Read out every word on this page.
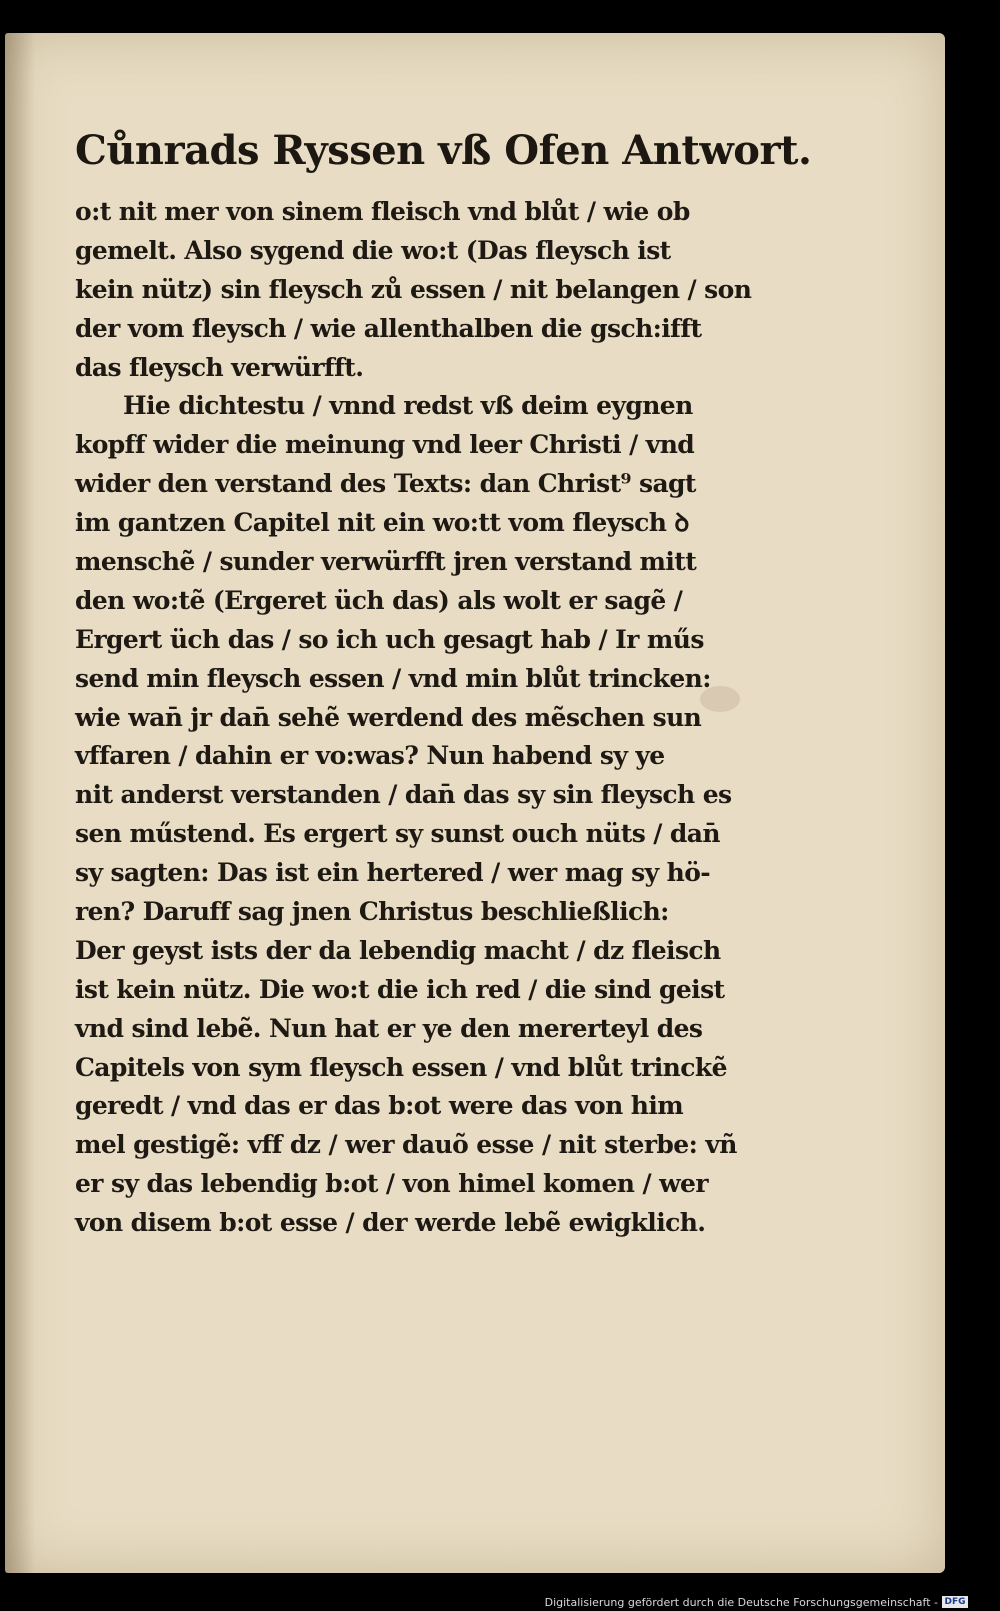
Cůnrads Ryssen vß Ofen Antwort.
o:t nit mer von sinem fleisch vnd blůt / wie ob
gemelt. Also sygend die wo:t (Das fleysch ist
kein nütz) sin fleysch zů essen / nit belangen / son
der vom fleysch / wie allenthalben die gsch:ifft
das fleysch verwürfft.
Hie dichtestu / vnnd redst vß deim eygnen
kopff wider die meinung vnd leer Christi / vnd
wider den verstand des Texts: dan Christ⁹ sagt
im gantzen Capitel nit ein wo:tt vom fleysch ꝺ
menschẽ / sunder verwürfft jren verstand mitt
den wo:tẽ (Ergeret üch das) als wolt er sagẽ /
Ergert üch das / so ich uch gesagt hab / Ir műs
send min fleysch essen / vnd min blůt trincken:
wie wan̄ jr dan̄ sehẽ werdend des mẽschen sun
vffaren / dahin er vo:was? Nun habend sy ye
nit anderst verstanden / dan̄ das sy sin fleysch es
sen műstend. Es ergert sy sunst ouch nüts / dan̄
sy sagten: Das ist ein hertered / wer mag sy hö-
ren? Daruff sag jnen Christus beschließlich:
Der geyst ists der da lebendig macht / dz fleisch
ist kein nütz. Die wo:t die ich red / die sind geist
vnd sind lebẽ. Nun hat er ye den mererteyl des
Capitels von sym fleysch essen / vnd blůt trinckẽ
geredt / vnd das er das b:ot were das von him
mel gestigẽ: vff dz / wer dauõ esse / nit sterbe: vñ
er sy das lebendig b:ot / von himel komen / wer
von disem b:ot esse / der werde lebẽ ewigklich.
Digitalisierung gefördert durch die Deutsche Forschungsgemeinschaft - DFG
